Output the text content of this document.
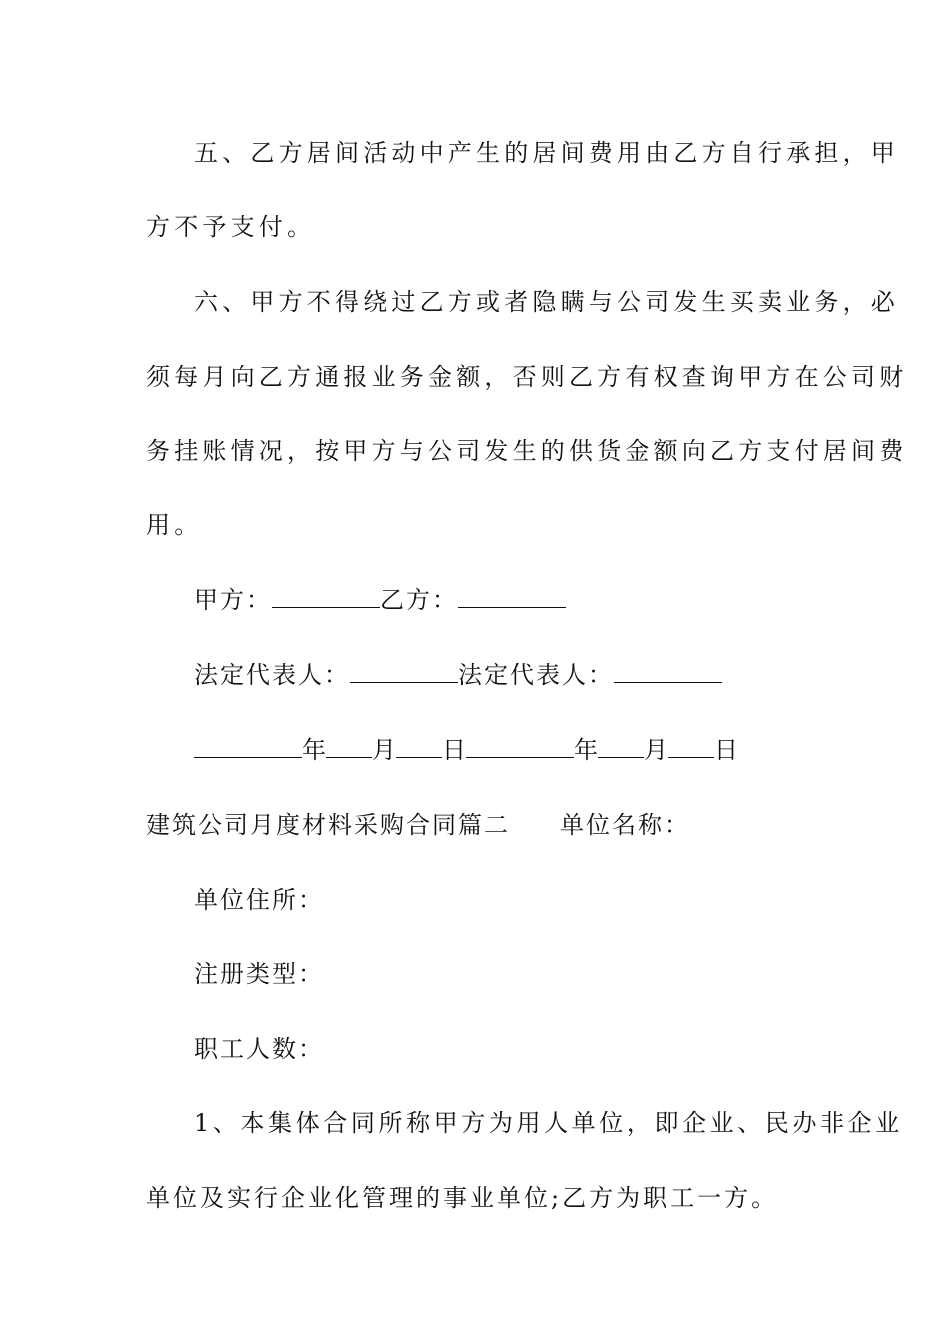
五、乙方居间活动中产生的居间费用由乙方自行承担，甲
方不予支付。
六、甲方不得绕过乙方或者隐瞒与公司发生买卖业务，必
须每月向乙方通报业务金额，否则乙方有权查询甲方在公司财
务挂账情况，按甲方与公司发生的供货金额向乙方支付居间费
用。
甲方：	乙方：
法定代表人：	法定代表人：
年 月 日	年 月 日
建筑公司月度材料采购合同篇二 单位名称：
单位住所：
注册类型：
职工人数：
1、本集体合同所称甲方为用人单位，即企业、民办非企业
单位及实行企业化管理的事业单位;乙方为职工一方。
